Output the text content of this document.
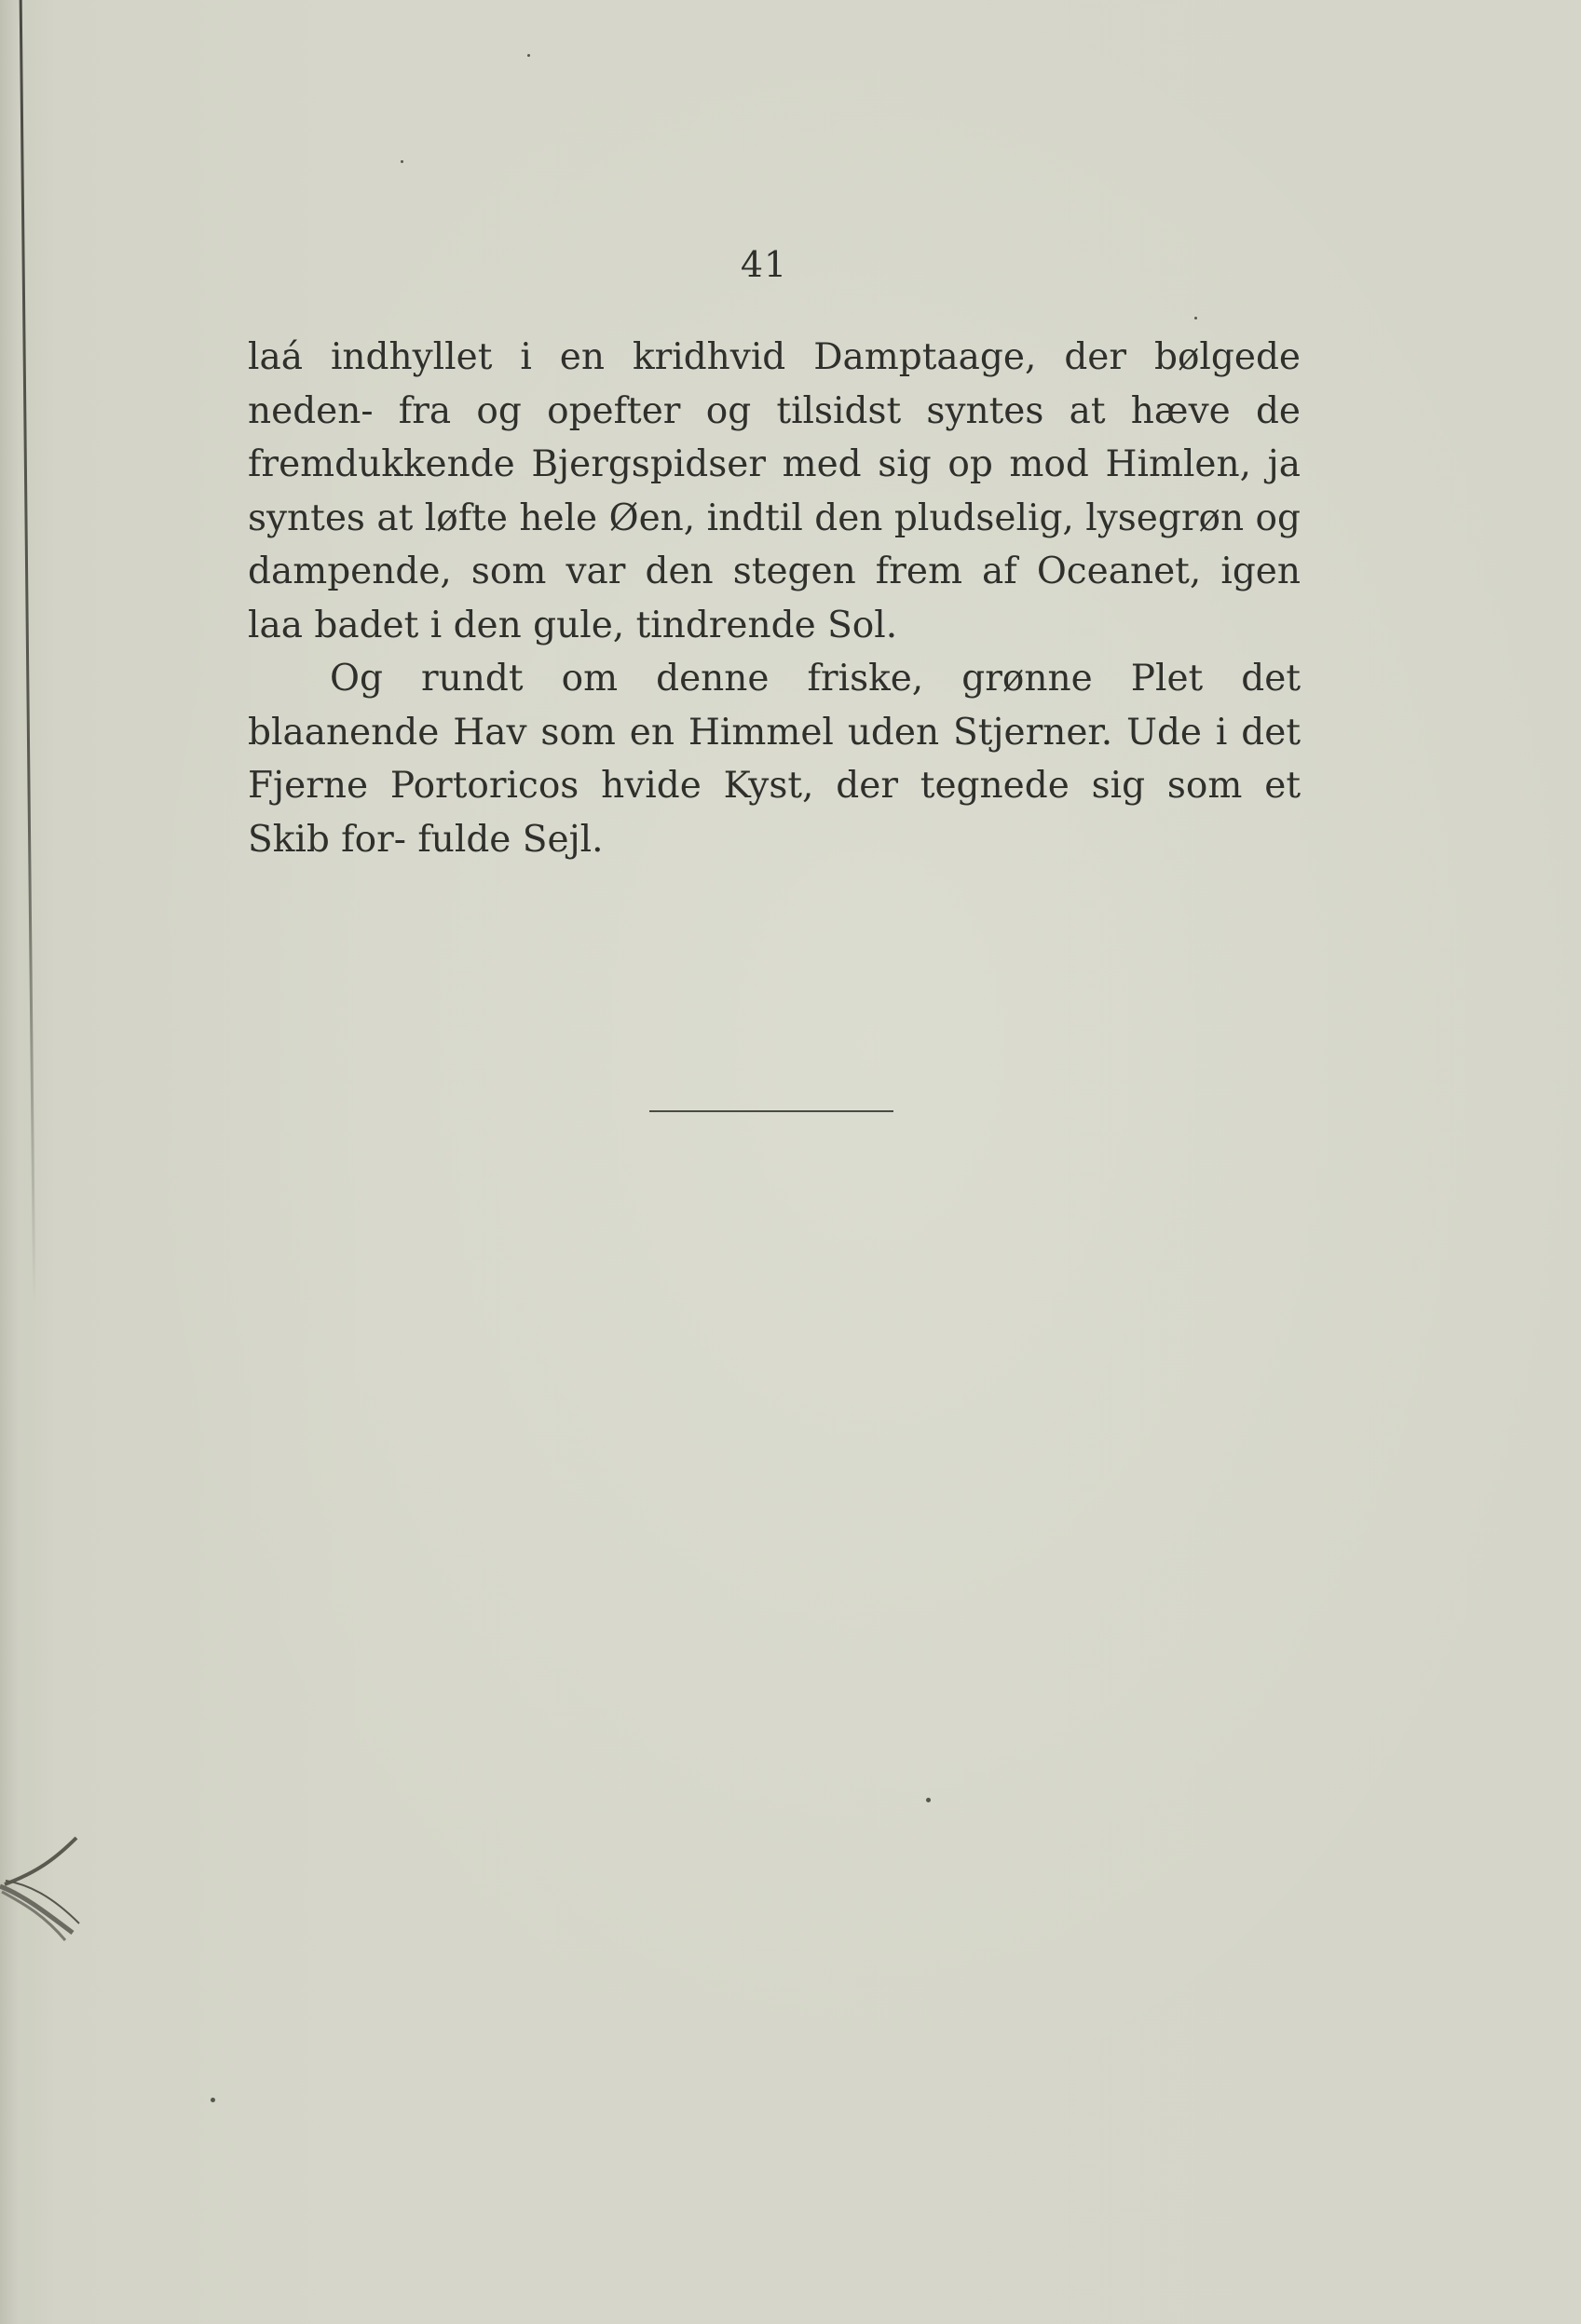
41

laá indhyllet i en kridhvid Damptaage, der bølgede neden- fra og opefter og tilsidst syntes at hæve de fremdukkende Bjergspidser med sig op mod Himlen, ja syntes at løfte hele Øen, indtil den pludselig, lysegrøn og dampende, som var den stegen frem af Oceanet, igen laa badet i den gule, tindrende Sol.

Og rundt om denne friske, grønne Plet det blaanende Hav som en Himmel uden Stjerner. Ude i det Fjerne Portoricos hvide Kyst, der tegnede sig som et Skib for- fulde Sejl.
